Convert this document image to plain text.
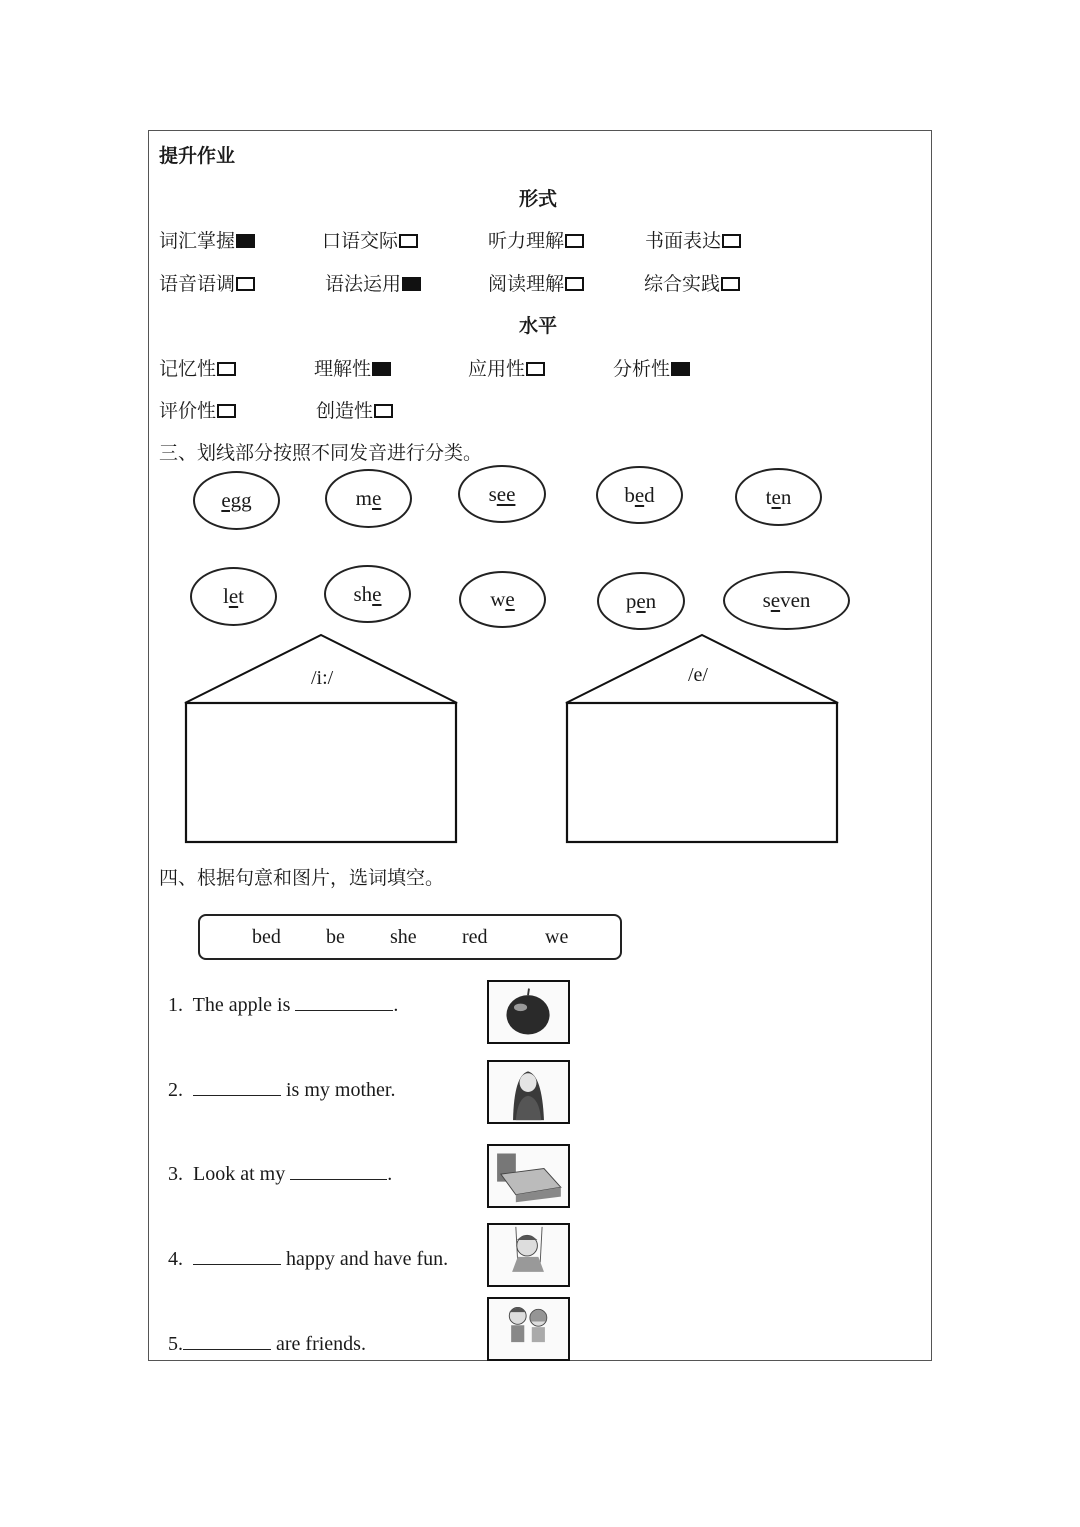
提升作业
形式
词汇掌握	口语交际	听力理解	书面表达
语音语调	语法运用	阅读理解	综合实践
水平
记忆性	理解性	应用性	分析性
评价性	创造性
三、划线部分按照不同发音进行分类。
egg	m e	s ee	b e d	t e n
l e t	sh e	w e	p e n	s e ven
/i:/	/e/
四、根据句意和图片，选词填空。
bed be she red	we
1. The apple is	.
2.	is my mother.
3. Look at my	.
4.	happy and have fun.
5.	are friends.
